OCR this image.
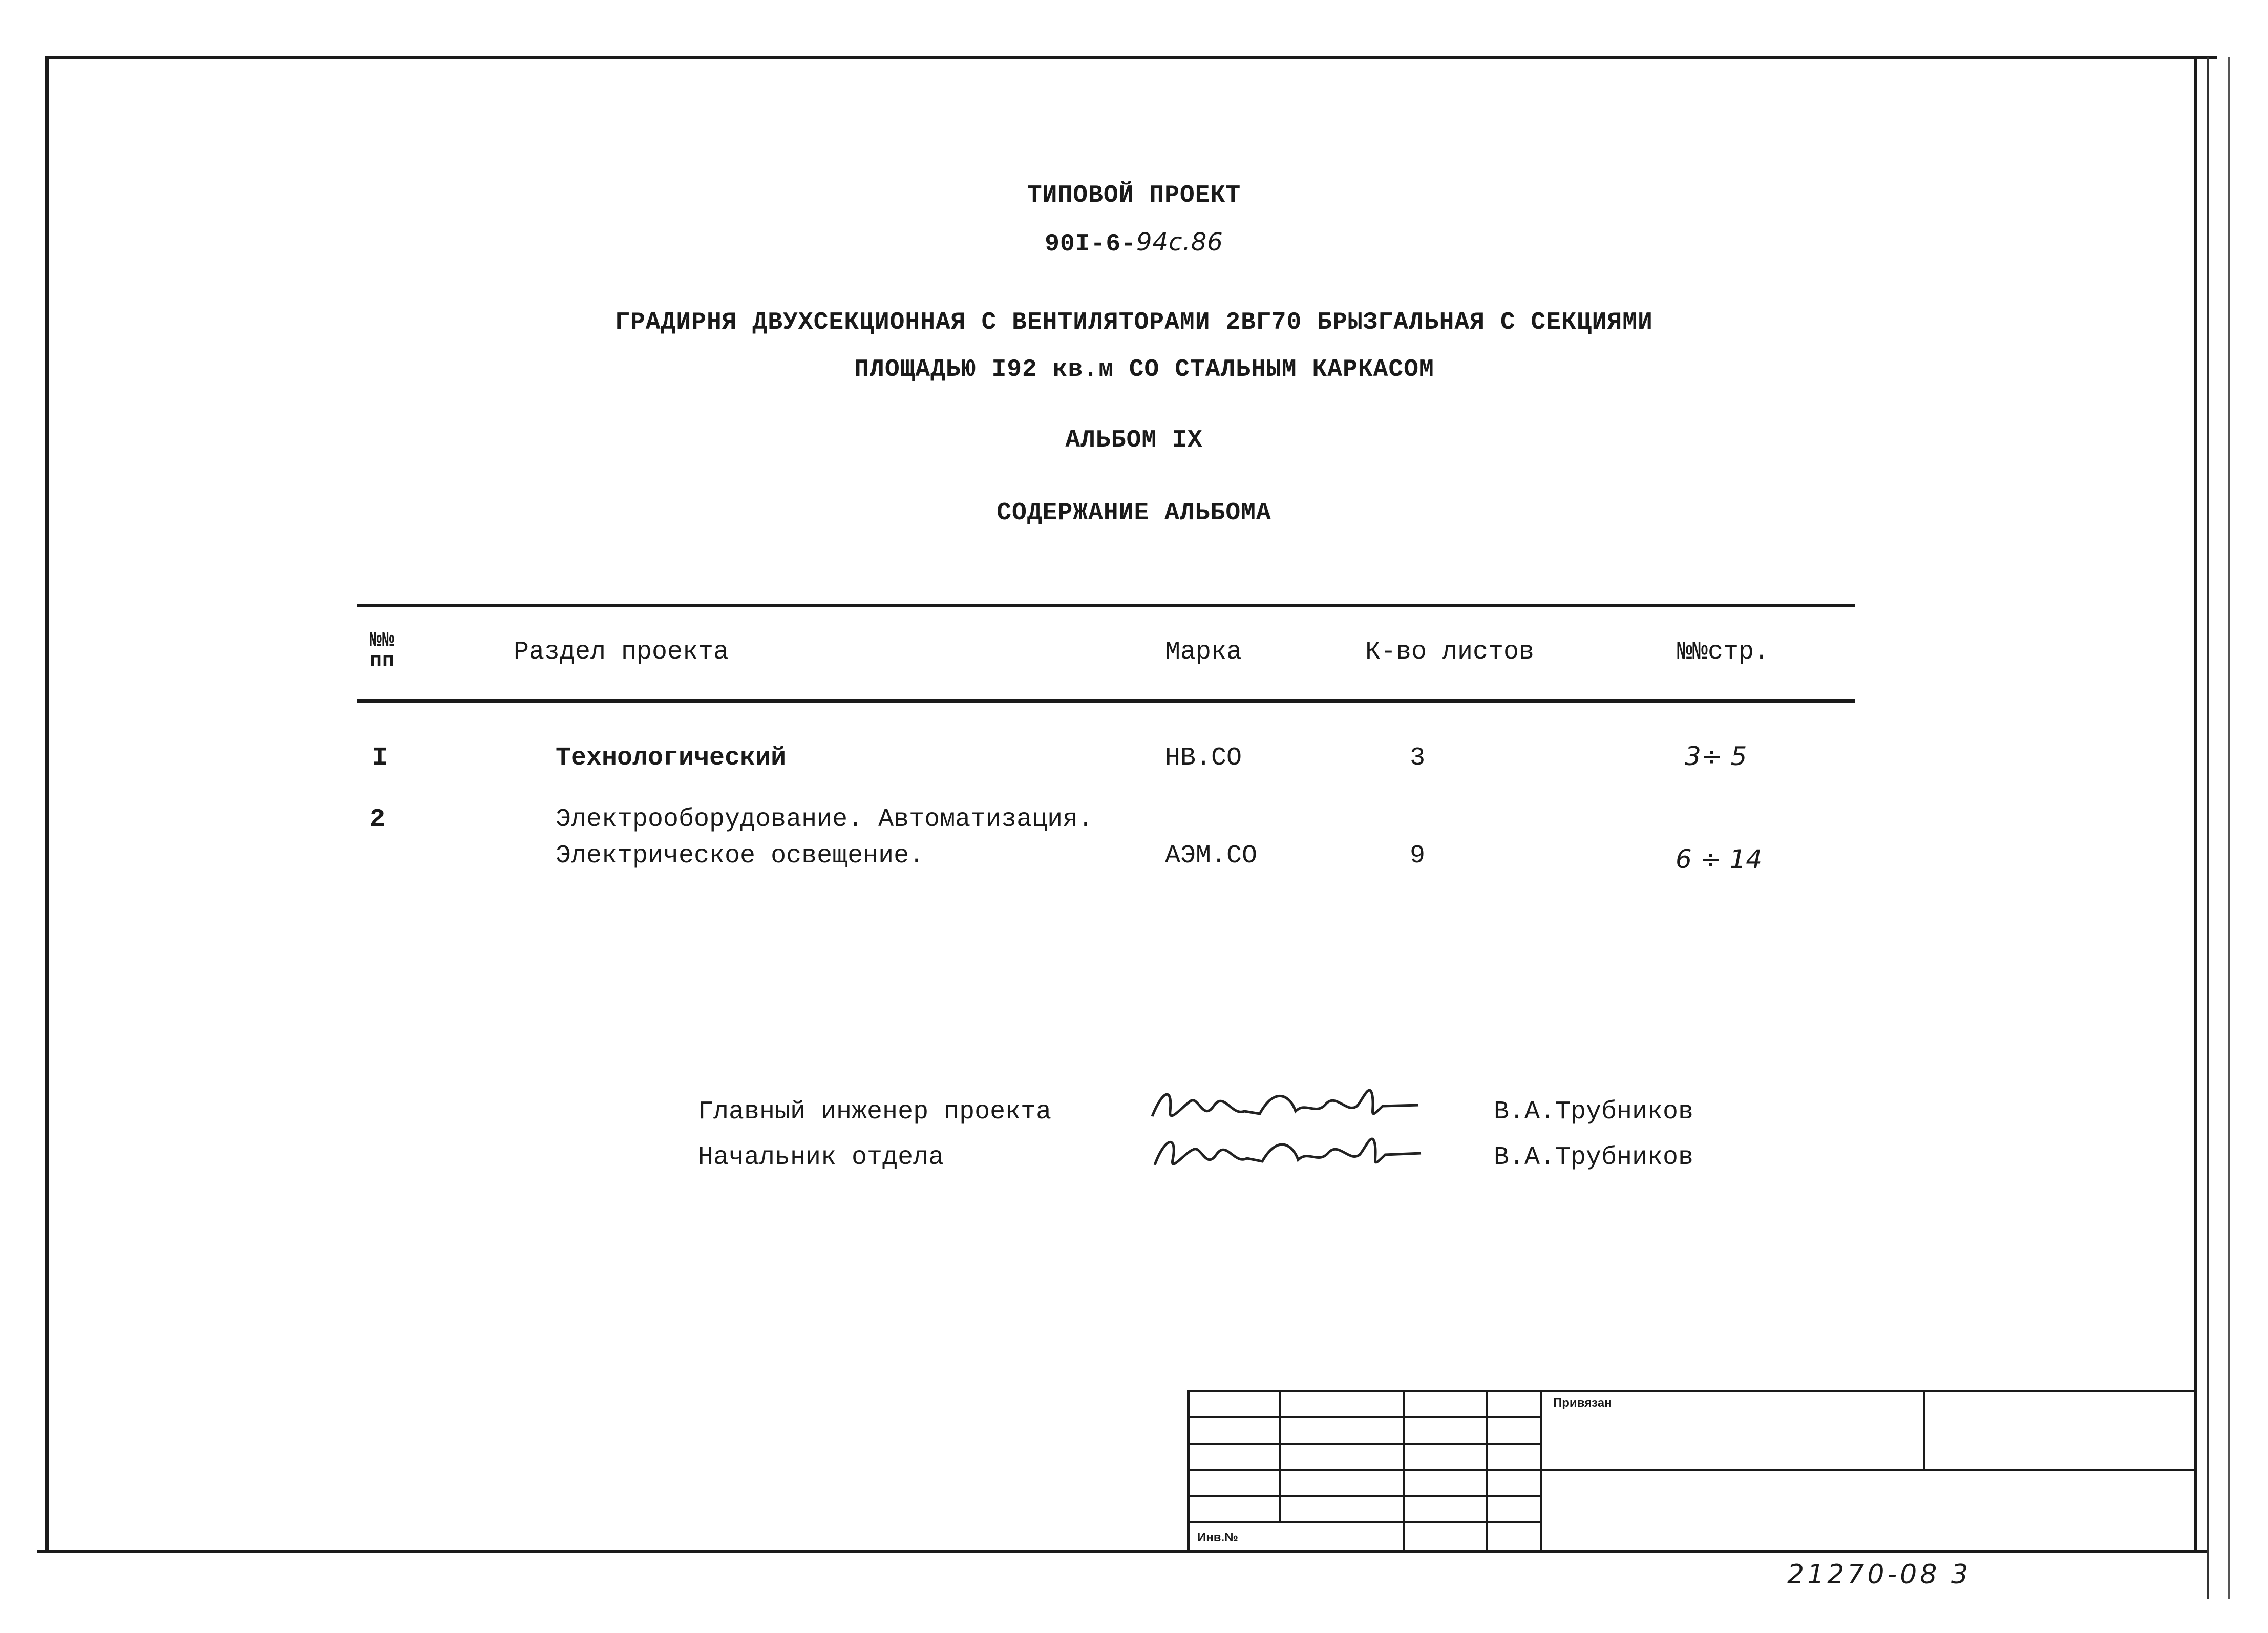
ТИПОВОЙ ПРОЕКТ
90I-6-94с.86
ГРАДИРНЯ ДВУХСЕКЦИОННАЯ С ВЕНТИЛЯТОРАМИ 2ВГ70 БРЫЗГАЛЬНАЯ С СЕКЦИЯМИ
ПЛОЩАДЬЮ I92 кв.м СО СТАЛЬНЫМ КАРКАСОМ
АЛЬБОМ IX
СОДЕРЖАНИЕ АЛЬБОМА
№№
пп	Раздел проекта	Марка	К-во листов	№№стр.
I	Технологический	НВ.СО	3	3÷ 5
2	Электрооборудование. Автоматизация.
Электрическое освещение.	АЭМ.СО	9	6 ÷ 14
Главный инженер проекта	В.А.Трубников
Начальник отдела	В.А.Трубников
Привязан
Инв.№
21270-08 3
